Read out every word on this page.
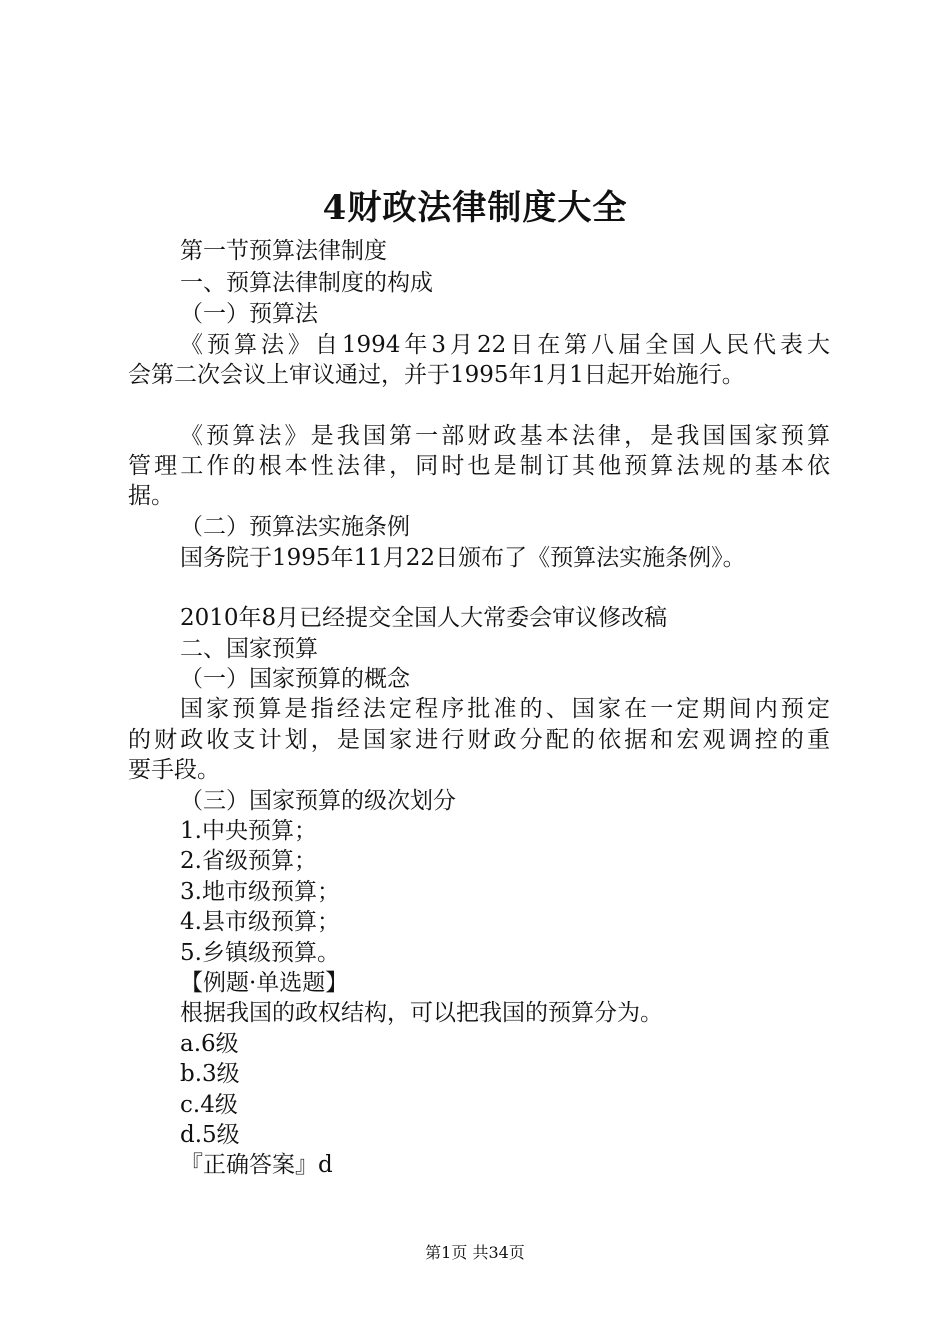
4财政法律制度大全
第一节预算法律制度
一、预算法律制度的构成
（一）预算法
《预算法》自1994年3月22日在第八届全国人民代表大
会第二次会议上审议通过，并于1995年1月1日起开始施行。
《预算法》是我国第一部财政基本法律，是我国国家预算
管理工作的根本性法律，同时也是制订其他预算法规的基本依
据。
（二）预算法实施条例
国务院于1995年11月22日颁布了《预算法实施条例》。
2010年8月已经提交全国人大常委会审议修改稿
二、国家预算
（一）国家预算的概念
国家预算是指经法定程序批准的、国家在一定期间内预定
的财政收支计划，是国家进行财政分配的依据和宏观调控的重
要手段。
（三）国家预算的级次划分
1.中央预算；
2.省级预算；
3.地市级预算；
4.县市级预算；
5.乡镇级预算。
【例题·单选题】
根据我国的政权结构，可以把我国的预算分为。
a.6级
b.3级
c.4级
d.5级
『正确答案』d
第1页 共34页
